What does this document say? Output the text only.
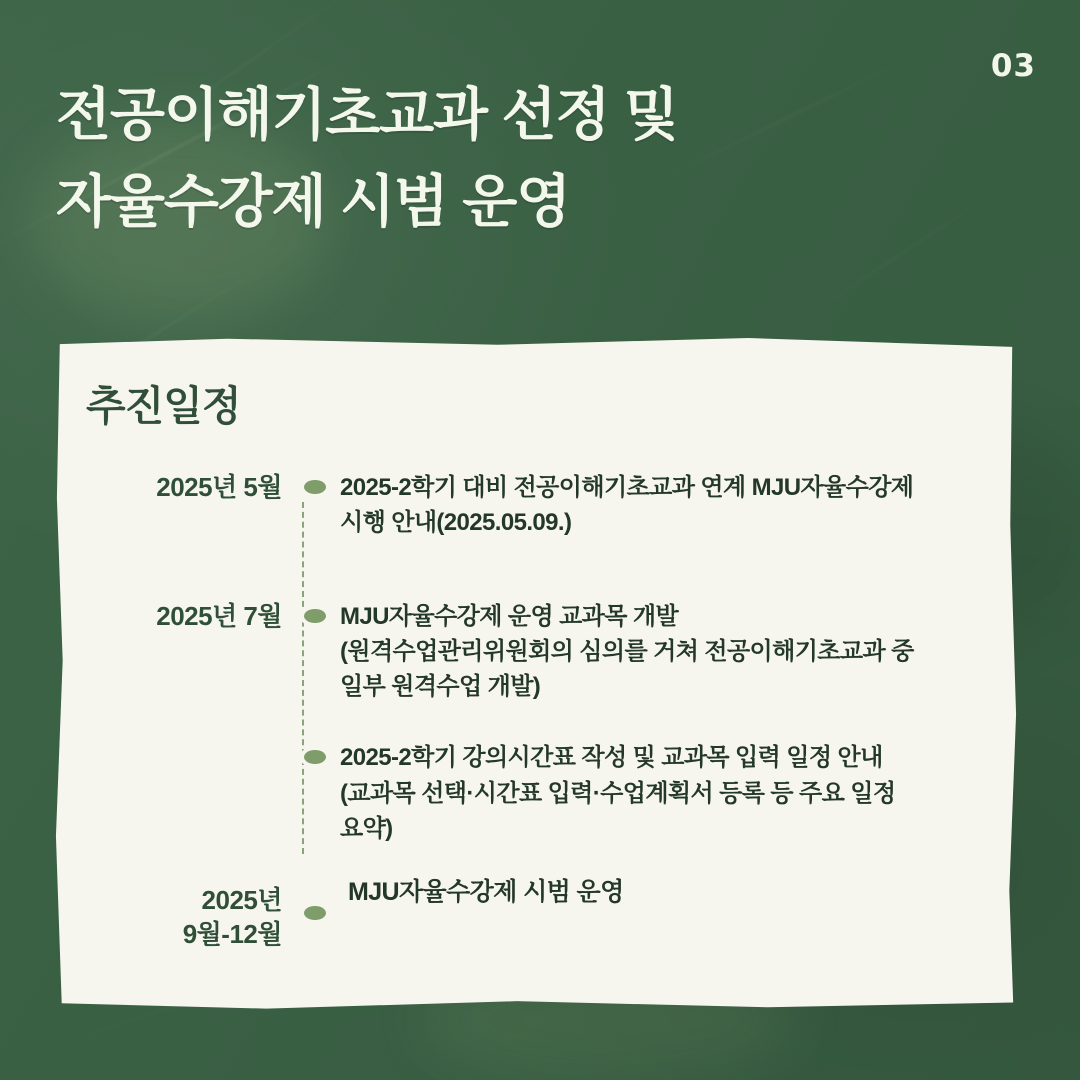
03
전공이해기초교과 선정 및
자율수강제 시범 운영
추진일정
2025년 5월	2025-2학기 대비 전공이해기초교과 연계 MJU자율수강제
시행 안내(2025.05.09.)
2025년 7월	MJU자율수강제 운영 교과목 개발
(원격수업관리위원회의 심의를 거쳐 전공이해기초교과 중
일부 원격수업 개발)
2025-2학기 강의시간표 작성 및 교과목 입력 일정 안내
(교과목 선택·시간표 입력·수업계획서 등록 등 주요 일정
요약)
2025년
9월-12월
MJU자율수강제 시범 운영
